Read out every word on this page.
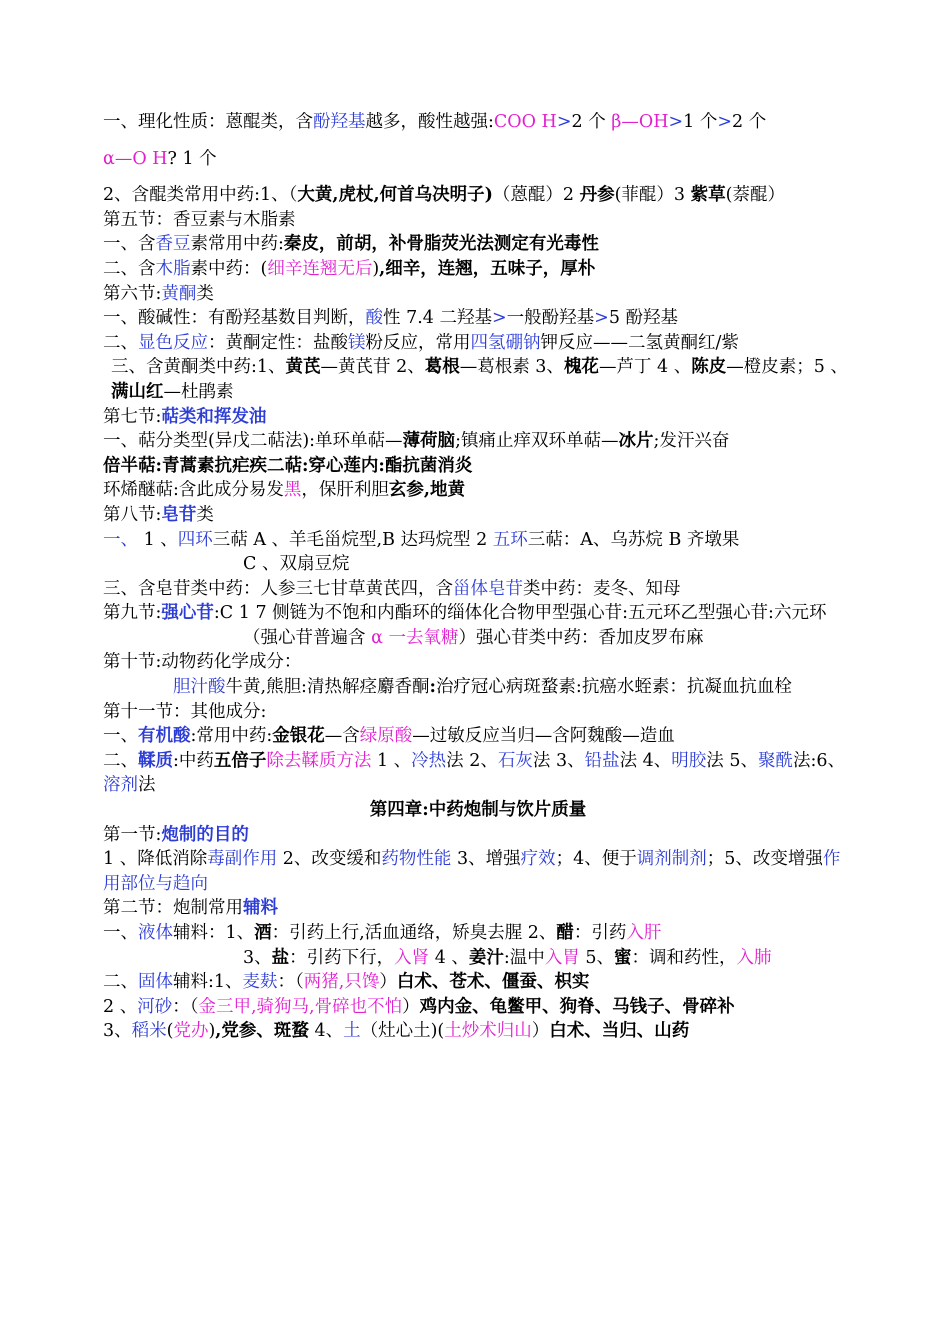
一、理化性质：蒽醌类，含酚羟基越多，酸性越强:COO H>2 个 β—OH>1 个>2 个
α—O H? 1 个
2、含醌类常用中药:1、（大黄,虎杖,何首乌决明子)（蒽醌）2 丹参(菲醌）3 紫草(萘醌）
第五节：香豆素与木脂素
一、含香豆素常用中药:秦皮，前胡，补骨脂荧光法测定有光毒性
二、含木脂素中药：(细辛连翘无后),细辛，连翘，五味子，厚朴
第六节:黄酮类
一、酸碱性：有酚羟基数目判断，酸性 7.4 二羟基>一般酚羟基>5 酚羟基
二、显色反应：黄酮定性：盐酸镁粉反应，常用四氢硼钠钾反应——二氢黄酮红/紫
三、含黄酮类中药:1、黄芪—黄芪苷 2、葛根—葛根素 3、槐花—芦丁 4 、陈皮—橙皮素；5 、满山红—杜鹃素
第七节:萜类和挥发油
一、萜分类型(异戊二萜法):单环单萜—薄荷脑;镇痛止痒双环单萜—冰片;发汗兴奋
倍半萜:青蒿素抗疟疾二萜:穿心莲内:酯抗菌消炎
环烯醚萜:含此成分易发黑，保肝利胆玄参,地黄
第八节:皂苷类
一、 1 、四环三萜 A 、羊毛甾烷型,B 达玛烷型 2 五环三萜：A、乌苏烷 B 齐墩果
C 、双扇豆烷
三、含皂苷类中药：人参三七甘草黄芪四，含甾体皂苷类中药：麦冬、知母
第九节:强心苷:C 1 7 侧链为不饱和内酯环的缁体化合物甲型强心苷:五元环乙型强心苷:六元环
（强心苷普遍含 α 一去氧糖）强心苷类中药：香加皮罗布麻
第十节:动物药化学成分：
胆汁酸牛黄,熊胆:清热解痉麝香酮:治疗冠心病斑蝥素:抗癌水蛭素：抗凝血抗血栓
第十一节：其他成分:
一、有机酸:常用中药:金银花—含绿原酸—过敏反应当归—含阿魏酸—造血
二、鞣质:中药五倍子除去鞣质方法 1 、冷热法 2、石灰法 3、铅盐法 4、明胶法 5、聚酰法:6、溶剂法
第四章:中药炮制与饮片质量
第一节:炮制的目的
1 、降低消除毒副作用 2、改变缓和药物性能 3、增强疗效；4、便于调剂制剂；5、改变增强作用部位与趋向
第二节：炮制常用辅料
一、液体辅料：1、酒：引药上行,活血通络，矫臭去腥 2、醋：引药入肝
3、盐：引药下行，入肾 4 、姜汁:温中入胃 5、蜜：调和药性，入肺
二、固体辅料:1、麦麸：（两猪,只馋）白术、苍术、僵蚕、枳实
2 、河砂：（金三甲,骑狗马,骨碎也不怕）鸡内金、龟鳖甲、狗脊、马钱子、骨碎补
3、稻米(党办),党参、斑蝥 4、土（灶心土)(土炒术归山）白术、当归、山药
